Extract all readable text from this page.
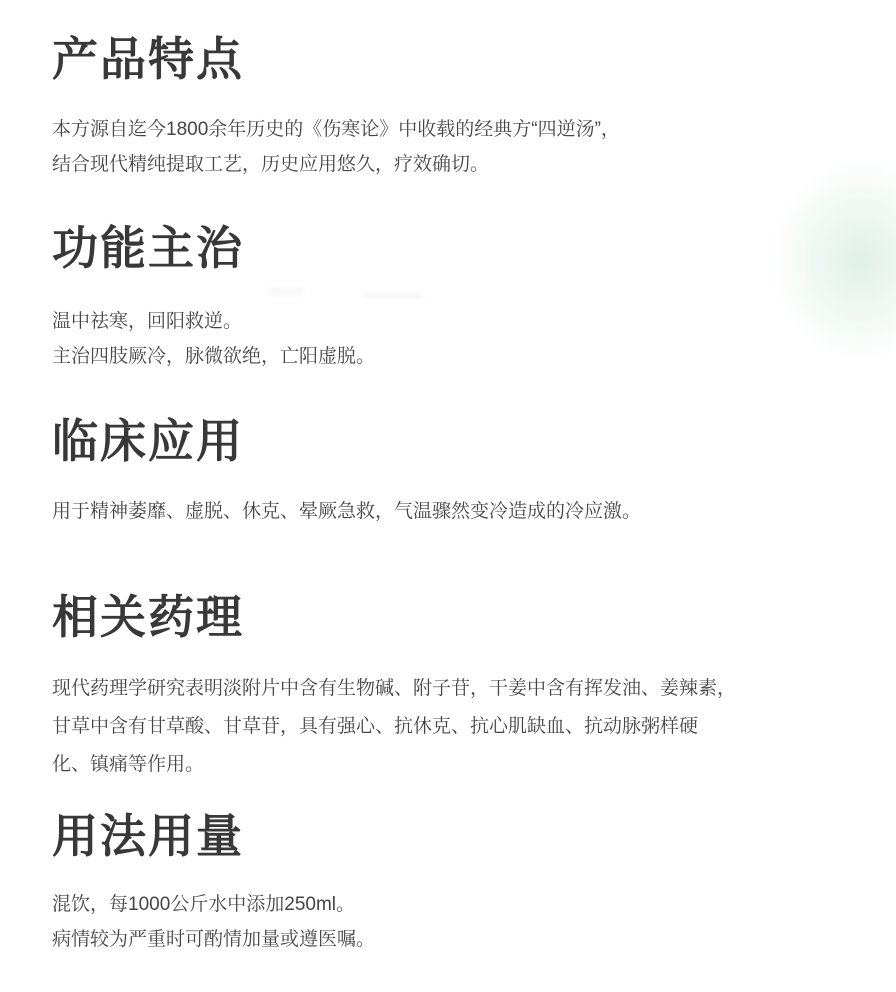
产品特点
本方源自迄今1800余年历史的《伤寒论》中收载的经典方“四逆汤”，
结合现代精纯提取工艺，历史应用悠久，疗效确切。
功能主治
温中祛寒，回阳救逆。
主治四肢厥冷，脉微欲绝，亡阳虚脱。
临床应用
用于精神萎靡、虚脱、休克、晕厥急救，气温骤然变冷造成的冷应激。
相关药理
现代药理学研究表明淡附片中含有生物碱、附子苷，干姜中含有挥发油、姜辣素，
甘草中含有甘草酸、甘草苷，具有强心、抗休克、抗心肌缺血、抗动脉粥样硬
化、镇痛等作用。
用法用量
混饮，每1000公斤水中添加250ml。
病情较为严重时可酌情加量或遵医嘱。
